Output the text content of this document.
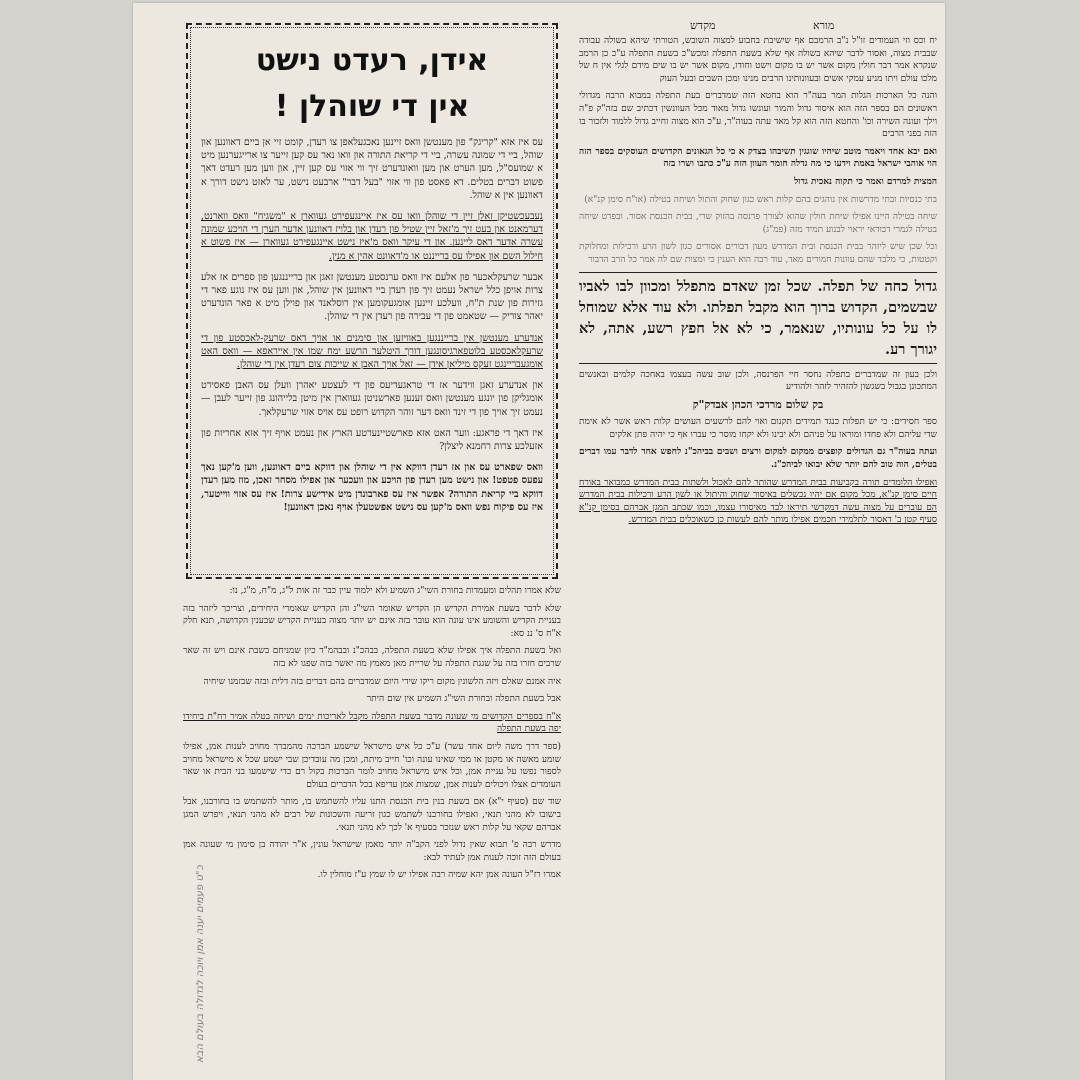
מורא
מקדש
אידן, רעדט נישט
אין די שוהלן !

עס איז אזא "קריגק" פון מענטשן וואס זיינען נאכגעלאפן צו רעדן, קומט זיי אן ביים דאוונען און שוהל, ביי די שמונה עשרה, ביי די קריאת התורה און וואו נאר עס קען זייער צו ארייגערנען מיט א שמועס"ל, מען הערט און מען וואונדערט זיך ווי אזוי עס קען זיין, און ווען מען רעדט דאך פשוט דברים בטלים. דא פאסט פון ווי אזוי "בעל דבר" ארבעט נישט, ער לאזט נישט דורך א דאוונען אין א שוהל.

נעבעכשטיקן זאלן זיין די שוהלן וואו עס איז איינגעפירט געווארן א "משגיח" וואס ווארנט, דערמאנט און בעט זיך מ'זאל זיין שטיל פון רעדן און בלויז דאוונען אדער הערן די הויכע שמונה עשרה אדער דאס ליינען. און די עיקר וואס מ'איז נישט איינגעפירט געווארן — איז פשוט א חילול השם און אפילו עס ברייננט או מ'דאוונט אהין א מנין.

אבער שרעקלאכער פון אלעם איז וואס ערנסטע מענטשן זאגן און ברייננגען פון ספרים אז אלע צרות אויפן כלל ישראל נעמט זיך פון רעדן ביי דאוונען אין שוהל, און ווען עס איז נוגע פאר די גזירות פון שנת ת"ח, וועלכע זיינען אומגעקומען אין רוסלאנד און פוילן מיט א פאר הונדערט יאהר צוריק — שטאמט פון די עבירה פון רעדן אין די שוהלן.

אנדערע מענטשן אין ברייננגען באוויזען און סימנים או אויך דאס שרעק-לאכסטע פון די שרעקלאכסטע בלוטפארגיסונגען דורך היטלער הרשע ימח שמו אין אייראפא — וואס האט אומגעבריינגט זעקס מיליאן אידן — זאל אויך האבן א שייכות צום רעדן אין די שוהלן.

און אנדערע זאגן ווידער אז די טראגעדיעס פון די לעצטע יאהרן וועלן עס האבן פאסירט אומגליקן פון יונגע מענטשן וואס זענען פארשניטן געווארן אין מיטן בלייהונג פון זייער לעבן — נעמט זיך אויך פון די זינד וואס דער זוהר הקדוש רופט עס אויס אזוי שרעקלאך.

איז דאך די פראגע: ווער האט אזא פארשטיינערטע הארץ און נעמט אויף זיך אזא אחריות פון אזעלכע צרות רחמנא ליצלן?

וואס שפארט עס און אז רעדן דווקא אין די שוהלן און דווקא ביים דאוונען, ווען מ'קען נאך עפעס פטפט! און נישט מען רעדן פון הויכע און וועכער און אפילו מסחר זאכן, מוז מען רעדן דווקא ביי קריאת התורה? אפשר איז עס פארבונדן מיט אידישע צרות! איז עס אזוי ווייטער, איז עס פיקוח נפש וואס מ'קען עס נישט אפשטעלן אויף נאכן דאוונען!

יח וכס וזי העמודים זו"ל נ"ב הרמבם אף שישיבת בחבוע למצוה השובש, הטורתי שיהא בשולה עבודה שבבית מצוה, ואסור לדבר שיהא בשולה אף שלא בשעת התפלה ומכש"כ בשעת התפלה ע"כ כן הרמב שנקרא אמר דבר חולין מקום אשר יש בו מקום וישט וחודו, מקום אשר יש בו שים מידם לגלי אין ח של מלכו עולם ויתו מניע עמקי אשים ובעוונותינו הרבים מנינו ומכן השבים ובעל העוק

והנה כל הארכות הגלות המר בעה"ר הוא בחטא הזה שמדברים בעת התפלה במבוא הרבה מגדולי ראשונים הם בספר הזה הוא איסור גדול והמור ועונשו גדול מאוד מכל העוונשין דכתיב שם בזה"ק פ"ה וילך ועונה השירה וכו' והחטא הזה הוא קל מאד עתה בעוה"ר, ע"כ הוא מצוה וחייב גדול ללמוד ולזכור בו הזה בפני הרבים

ואם יבא אחד ויאמר מוטב שיהיו שוגגין תשיבהו בצדק א כי כל הגאונים הקדושים העוסקים בספר הזה הוי אוהבי ישראל באמת וידעו כי מה גדלה חומר העוון הזה ע"כ כתבו ושרו בזה

המצית למרדם ואמר כי תקוה נאכית גדול

בתי כנסיות ובתי מדרשות אין נוהגים בהם קלות ראש כגון שחוק והתול ושיחה בטילה (או"ח סימן קנ"א)

שיחה בטילה היינו אפילו שיחת חולין שהוא לצורך פרנסה בהזוק שרי, בבית הכנסת אסור. ובפרט שיחה בטילה לגמרי דבודאי יראוי לבנוע תמיד מזה (פמ"ג)

וכל שכן שיש ליזהר בבית הכנסת ובית המדרש מעון דבורים אסורים כגון לשון הרע ורכילות ומחלוקת וקטטות, כי מלבד שהם עוונות חמורים מאד, עוד רבה הוא הענין כי ומצות שם לה אמר כל הרב הדבור

גדול כחה של תפלה. שכל זמן שאדם מתפלל ומכוון לבו לאביו שבשמים, הקדוש ברוך הוא מקבל תפלתו. ולא עוד אלא שמוחל לו על כל עונותיו, שנאמר, כי לא אל חפץ רשע, אתה, לא יגורך רע.

ולכן בעון זה שמדברים בתפלה נחסר חיי הפרנסה, ולכן שוב עשה בעצמו באחכה קלמים ובאנשים המתכונן בגבול בשגשון להזהיר לזהר ולהודיע

בק שלום מרדכי הכהן אבדק"ק

ספר חסידים: כי יש תפלות כנגד תמידים תקנום ואוי להם לרשעים העושים קלות ראש אשר לא אימת שדי עליהם ולא פחדו ומוראו על פניהם ולא יבינו ולא יקחו מוסר כי עברו אף כי יהיה פתן אלקים

ועתה בעוה"ר גם הגדולים קופצים ממקום למקום ורצים ושבים בביהכ"נ לחפש אחד לדבר עמו דברים בטלים, הוה טוב להם יותר שלא יבואו לביהכ"נ.

ואפילו הלומדים תורה בקביעות בבית המדרש שהותר להם לאכול ולשתות בבית המדרש כמבואר באורח חיים סימן קנ"א, מכל מקום אם יהיו נכשלים באיסור שחוק והיתול או לשון הרע ורכילות בבית המדרש הם עוברים על מצוה עשה דמקדשי תיראו לבד מאיסורו עצמו, וכמו שכתב המגן אברהם בסימן קנ"א סעיף קטן ב' דאסור לתלמידי חכמים אפילו מותר להם לעשות כן כשאוכלים בבית המדרש.

שלא אמרו תהלים ומעמדות בחורת השי"ג השמיע ולא ילמוד עיין כבר זה אות ל"ג, מ"ח, מ"ג, נו:

שלא לדבר בשעת אמירת הקדיש הן הקדיש שאומר השי"ג והן הקדיש שאומרי היחידים, וצריכך ליזהר בזה בעניית הקדיש והשומע אינו עונה הוא עובר בזה אינם יש יותר מצוה בעניית הקדיש שבענין הקדושה, תנא חלק א"ח ס' ננ סא:

ואל בשעת התפלה איך אפילו שלא בשעת התפלה, בבהכ"נ ובבהמ"ד כיון שמניחם בשבת אינם ויש זה שאר שרבים חזרו בזה על שגגת התפלה על שריית מאן מאמץ מה יאשר בזה שפגו לא בזה

איה אמנם שאלם ויזה הלשונין מקום ריקו שידי היום שמדברים בהם דברים בזה דלית ובזה שבזמנו שיחיה

אבל בשעת התפלה ובחורת השי"ג השמיע אין שום היתר

א"ח בספרים הקדושים מי שעונה מדבר בשעת התפלה מקבל לאריכות ימים ושיחה בטלה אמיר רח"ת ביחידו יפה בשעת התפלה

(ספר דרך משה ליום אחד עשר) ע"כ כל איש מישראל שישמע הברכה מהמברך מחויב לענות אמן, אפילו שומע מאשה או מקטן או ממי שאינו עונה וכו' חייב מיתה, ומכן מה עובדיכן שבי ישמע שכל א מישראל מחויב לספור נפשו על עניית אמן, וכל איש מישראל מחויב לומר הברכות בקול רם כדי שישמעו בני הבית או שאר העומדים אצלו ויכולים לענות אמן, שמצות אמן עדיפא בכל הדברים בעולם

שוד שם (סעיף י"א) אם בשעת בנין בית הכנסת התנו עליו להשתמש בו, מותר להשתמש בו בחורבנו, אבל בישובו לא מהני תנאי, ואפילו בחורבנו לשתמש כגון זריעה והשכונות של רבים לא מהני תנאי, ויפרש המגן אברהם שקאי על קלות ראש שנזכר בסעיף א' לכך לא מהני תנאי.

מדרש רבה פ' תבוא שאין נדול לפני הקב"ה יותר מאמן שישראל עונין, א"ר יהודה בן סימון מי שעונה אמן בעולם הזה זוכה לענות אמן לעתיד לבא:

אמרו רז"ל העונה אמן יהא שמיה רבה אפילו יש לו שמץ ע"ז מוחלין לו.

כ"ט פעמים יענה אמן ויוכה לגדולה בעולם הבא
